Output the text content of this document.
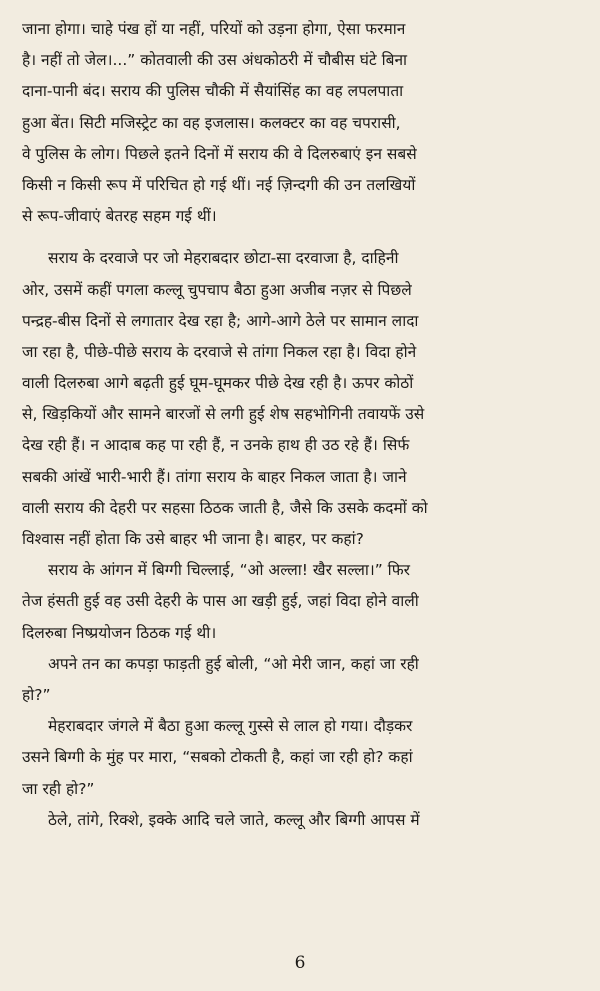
जाना होगा। चाहे पंख हों या नहीं, परियों को उड़ना होगा, ऐसा फरमान
है। नहीं तो जेल।...” कोतवाली की उस अंधकोठरी में चौबीस घंटे बिना
दाना-पानी बंद। सराय की पुलिस चौकी में सैयांसिंह का वह लपलपाता
हुआ बेंत। सिटी मजिस्ट्रेट का वह इजलास। कलक्टर का वह चपरासी,
वे पुलिस के लोग। पिछले इतने दिनों में सराय की वे दिलरुबाएं इन सबसे
किसी न किसी रूप में परिचित हो गई थीं। नई ज़िन्दगी की उन तलखियों
से रूप-जीवाएं बेतरह सहम गई थीं।
सराय के दरवाजे पर जो मेहराबदार छोटा-सा दरवाजा है, दाहिनी
ओर, उसमें कहीं पगला कल्लू चुपचाप बैठा हुआ अजीब नज़र से पिछले
पन्द्रह-बीस दिनों से लगातार देख रहा है; आगे-आगे ठेले पर सामान लादा
जा रहा है, पीछे-पीछे सराय के दरवाजे से तांगा निकल रहा है। विदा होने
वाली दिलरुबा आगे बढ़ती हुई घूम-घूमकर पीछे देख रही है। ऊपर कोठों
से, खिड़कियों और सामने बारजों से लगी हुई शेष सहभोगिनी तवायफें उसे
देख रही हैं। न आदाब कह पा रही हैं, न उनके हाथ ही उठ रहे हैं। सिर्फ
सबकी आंखें भारी-भारी हैं। तांगा सराय के बाहर निकल जाता है। जाने
वाली सराय की देहरी पर सहसा ठिठक जाती है, जैसे कि उसके कदमों को
विश्वास नहीं होता कि उसे बाहर भी जाना है। बाहर, पर कहां?
सराय के आंगन में बिग्गी चिल्लाई, “ओ अल्ला! खैर सल्ला।” फिर
तेज हंसती हुई वह उसी देहरी के पास आ खड़ी हुई, जहां विदा होने वाली
दिलरुबा निष्प्रयोजन ठिठक गई थी।
अपने तन का कपड़ा फाड़ती हुई बोली, “ओ मेरी जान, कहां जा रही
हो?”
मेहराबदार जंगले में बैठा हुआ कल्लू गुस्से से लाल हो गया। दौड़कर
उसने बिग्गी के मुंह पर मारा, “सबको टोकती है, कहां जा रही हो? कहां
जा रही हो?”
ठेले, तांगे, रिक्शे, इक्के आदि चले जाते, कल्लू और बिग्गी आपस में
6
